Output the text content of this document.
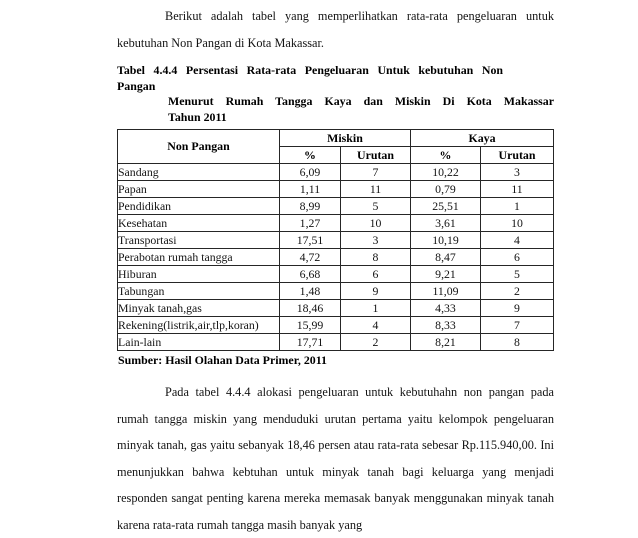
Berikut adalah tabel yang memperlihatkan rata-rata pengeluaran untuk kebutuhan Non Pangan di Kota Makassar.

Tabel 4.4.4 Persentasi Rata-rata Pengeluaran Untuk kebutuhan Non Pangan
Menurut Rumah Tangga Kaya dan Miskin Di Kota Makassar
Tahun 2011
Non Pangan	Miskin		Kaya	
	%	Urutan	%	Urutan
Sandang	6,09	7	10,22	3
Papan	1,11	11	0,79	11
Pendidikan	8,99	5	25,51	1
Kesehatan	1,27	10	3,61	10
Transportasi	17,51	3	10,19	4
Perabotan rumah tangga	4,72	8	8,47	6
Hiburan	6,68	6	9,21	5
Tabungan	1,48	9	11,09	2
Minyak tanah,gas	18,46	1	4,33	9
Rekening(listrik,air,tlp,koran)	15,99	4	8,33	7
Lain-lain	17,71	2	8,21	8

Sumber: Hasil Olahan Data Primer, 2011

Pada tabel 4.4.4 alokasi pengeluaran untuk kebutuhahn non pangan pada rumah tangga miskin yang menduduki urutan pertama yaitu kelompok pengeluaran minyak tanah, gas yaitu sebanyak 18,46 persen atau rata-rata sebesar Rp.115.940,00. Ini menunjukkan bahwa kebtuhan untuk minyak tanah bagi keluarga yang menjadi responden sangat penting karena mereka memasak banyak menggunakan minyak tanah karena rata-rata rumah tangga masih banyak yang
